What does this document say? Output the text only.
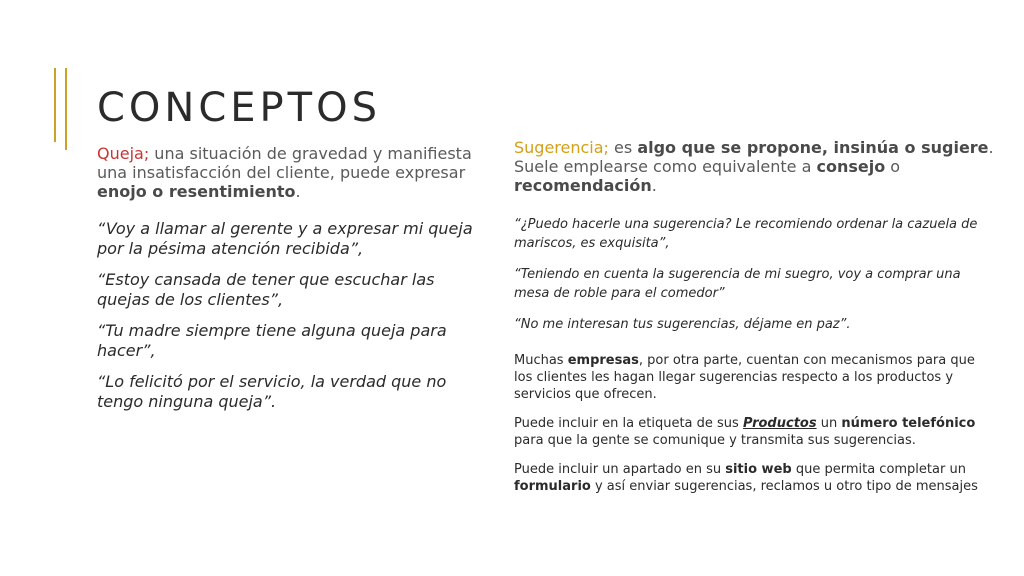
CONCEPTOS

Queja; una situación de gravedad y manifiesta una insatisfacción del cliente, puede expresar enojo o resentimiento.

“Voy a llamar al gerente y a expresar mi queja por la pésima atención recibida”,

“Estoy cansada de tener que escuchar las quejas de los clientes”,

“Tu madre siempre tiene alguna queja para hacer”,

“Lo felicitó por el servicio, la verdad que no tengo ninguna queja”.

Sugerencia; es algo que se propone, insinúa o sugiere. Suele emplearse como equivalente a consejo o recomendación.

“¿Puedo hacerle una sugerencia? Le recomiendo ordenar la cazuela de mariscos, es exquisita”,

“Teniendo en cuenta la sugerencia de mi suegro, voy a comprar una mesa de roble para el comedor”

“No me interesan tus sugerencias, déjame en paz”.

Muchas empresas, por otra parte, cuentan con mecanismos para que los clientes les hagan llegar sugerencias respecto a los productos y servicios que ofrecen.

Puede incluir en la etiqueta de sus Productos un número telefónico para que la gente se comunique y transmita sus sugerencias.

Puede incluir un apartado en su sitio web que permita completar un formulario y así enviar sugerencias, reclamos u otro tipo de mensajes
